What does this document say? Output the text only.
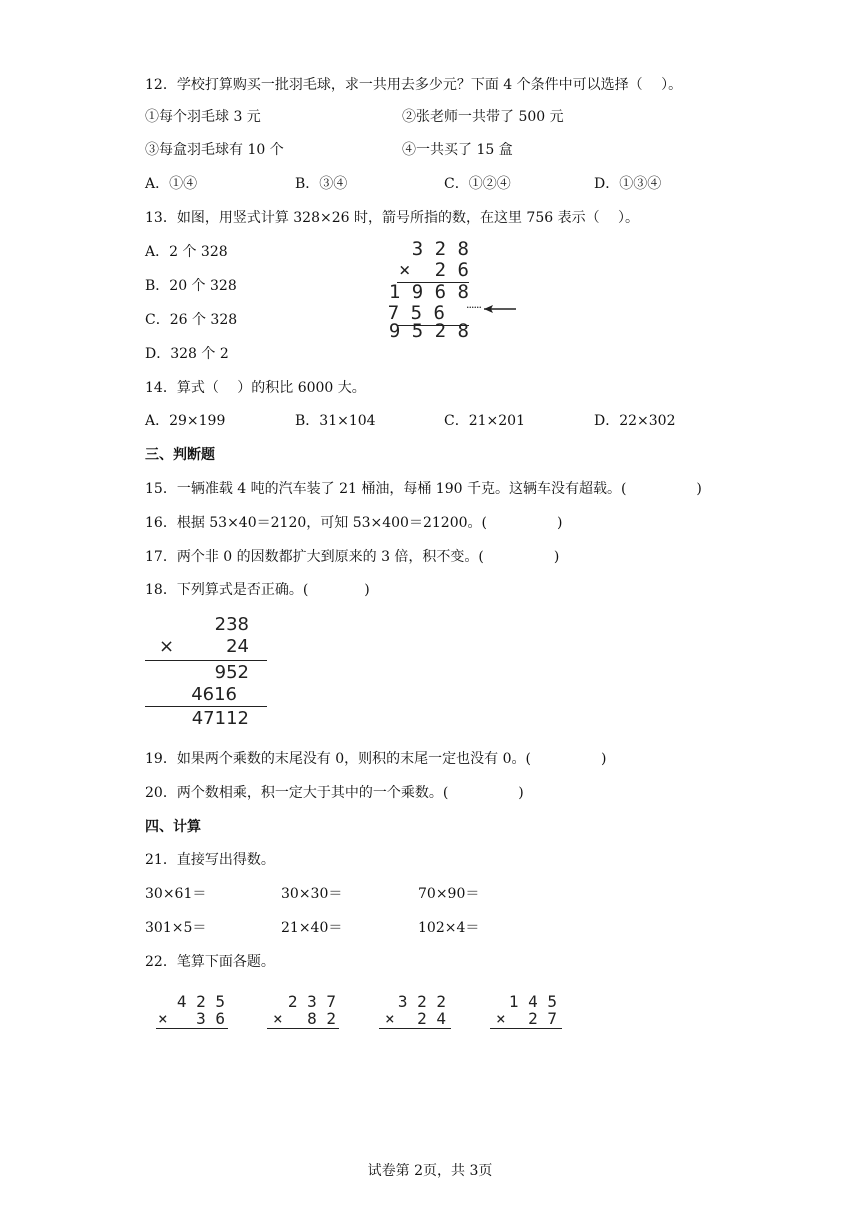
12．学校打算购买一批羽毛球，求一共用去多少元？下面 4 个条件中可以选择（　 ）。
①每个羽毛球 3 元	②张老师一共带了 500 元
③每盒羽毛球有 10 个	④一共买了 15 盒
A．①④	B．③④	C．①②④	D．①③④
13．如图，用竖式计算 328×26 时，箭号所指的数，在这里 756 表示（　 ）。
A．2 个 328
B．20 个 328
C．26 个 328
D．328 个 2
3 2 8
× 2 6
1 9 6 8
7 5 6
9 5 2 8
······
14．算式（　 ）的积比 6000 大。
A．29×199	B．31×104	C．21×201	D．22×302
三、判断题
15．一辆准载 4 吨的汽车装了 21 桶油，每桶 190 千克。这辆车没有超载。(　　　　　)
16．根据 53×40＝2120，可知 53×400＝21200。(　　　　　)
17．两个非 0 的因数都扩大到原来的 3 倍，积不变。(　　　　　)
18．下列算式是否正确。(　　　　)
238
×	24
952
4616
47112
19．如果两个乘数的末尾没有 0，则积的末尾一定也没有 0。(　　　　　)
20．两个数相乘，积一定大于其中的一个乘数。(　　　　　)
四、计算
21．直接写出得数。
30×61＝	30×30＝	70×90＝
301×5＝	21×40＝	102×4＝
22．笔算下面各题。
4 2 5
× 3 6
2 3 7
× 8 2
3 2 2
× 2 4
1 4 5
× 2 7
试卷第 2页，共 3页
